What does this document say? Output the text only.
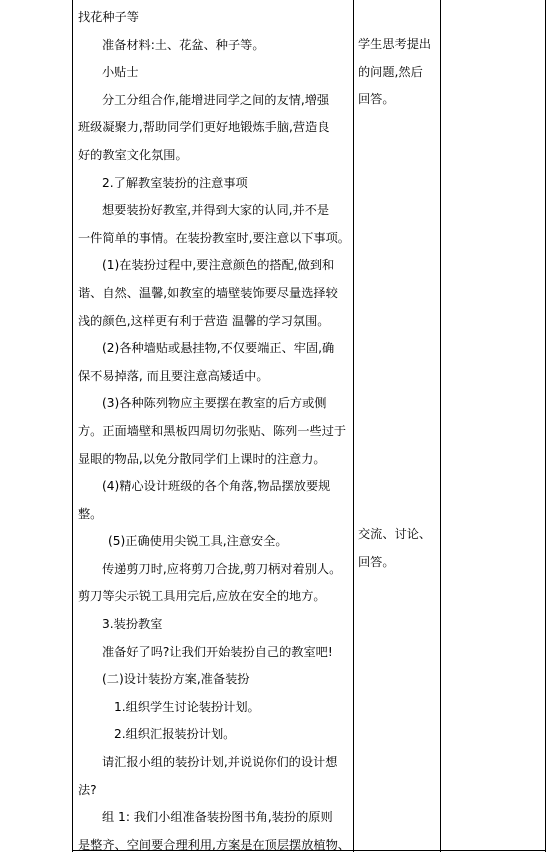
找花种子等
准备材料:土、花盆、种子等。
小贴士
分工分组合作,能增进同学之间的友情,增强
班级凝聚力,帮助同学们更好地锻炼手脑,营造良
好的教室文化氛围。
2.了解教室装扮的注意事项
想要装扮好教室,并得到大家的认同,并不是
一件简单的事情。在装扮教室时,要注意以下事项。
(1)在装扮过程中,要注意颜色的搭配,做到和
谐、自然、温馨,如教室的墙壁装饰要尽量选择较
浅的颜色,这样更有利于营造 温馨的学习氛围。
(2)各种墙贴或悬挂物,不仅要端正、牢固,确
保不易掉落, 而且要注意高矮适中。
(3)各种陈列物应主要摆在教室的后方或侧
方。正面墙壁和黑板四周切勿张贴、陈列一些过于
显眼的物品,以免分散同学们上课时的注意力。
(4)精心设计班级的各个角落,物品摆放要规
整。
(5)正确使用尖锐工具,注意安全。
传递剪刀时,应将剪刀合拢,剪刀柄对着别人。
剪刀等尖示锐工具用完后,应放在安全的地方。
3.装扮教室
准备好了吗?让我们开始装扮自己的教室吧!
(二)设计装扮方案,准备装扮
1.组织学生讨论装扮计划。
2.组织汇报装扮计划。
请汇报小组的装扮计划,并说说你们的设计想
法?
组 1: 我们小组准备装扮图书角,装扮的原则
是整齐、空间要合理利用,方案是在顶层摆放植物、
学生思考提出
的问题,然后
回答。
交流、讨论、
回答。
